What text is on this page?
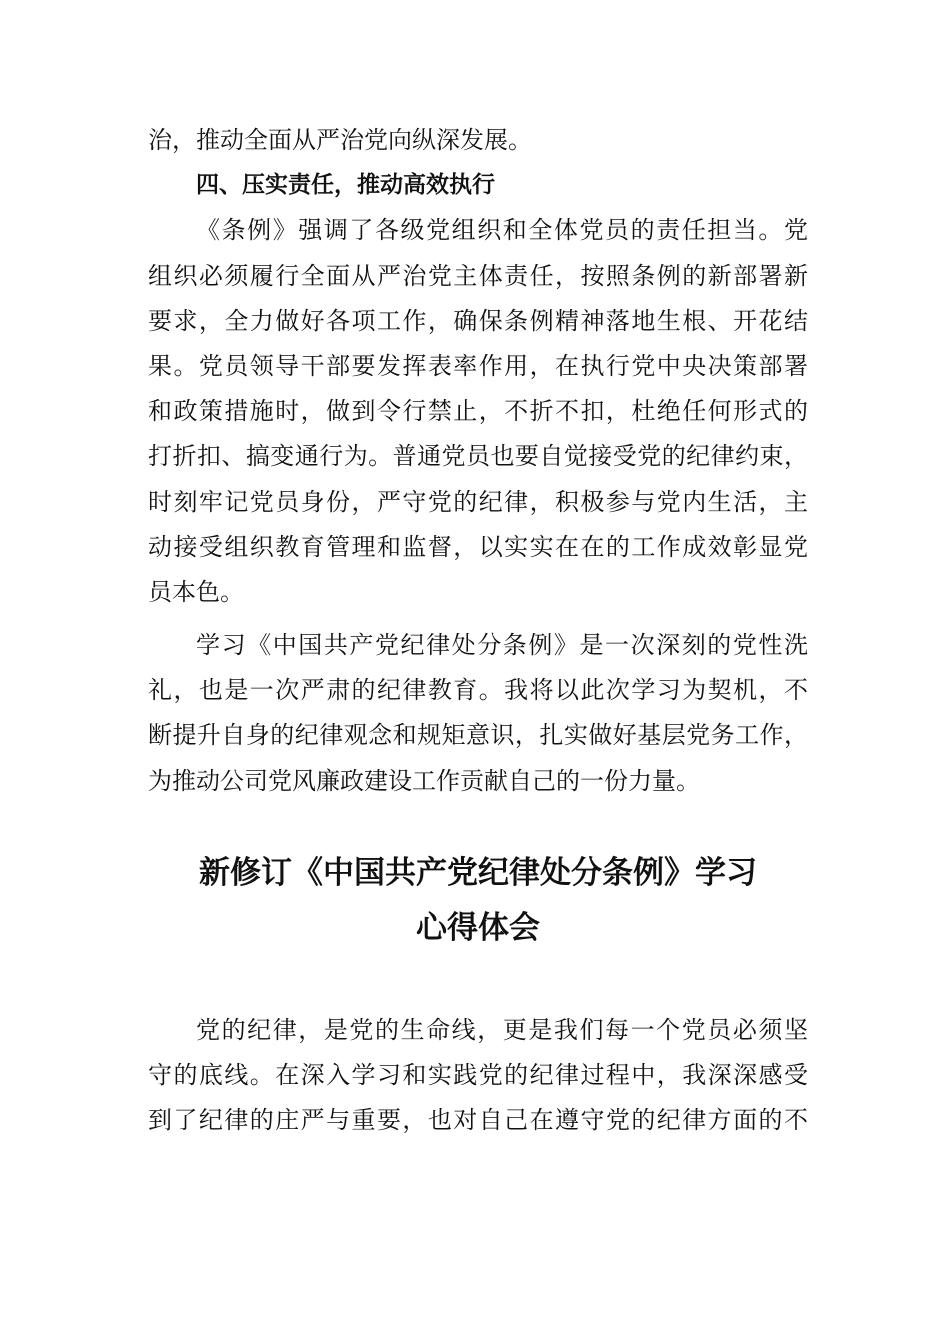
治，推动全面从严治党向纵深发展。
四、压实责任，推动高效执行
《条例》强调了各级党组织和全体党员的责任担当。党
组织必须履行全面从严治党主体责任，按照条例的新部署新
要求，全力做好各项工作，确保条例精神落地生根、开花结
果。党员领导干部要发挥表率作用，在执行党中央决策部署
和政策措施时，做到令行禁止，不折不扣，杜绝任何形式的
打折扣、搞变通行为。普通党员也要自觉接受党的纪律约束，
时刻牢记党员身份，严守党的纪律，积极参与党内生活，主
动接受组织教育管理和监督，以实实在在的工作成效彰显党
员本色。
学习《中国共产党纪律处分条例》是一次深刻的党性洗
礼，也是一次严肃的纪律教育。我将以此次学习为契机，不
断提升自身的纪律观念和规矩意识，扎实做好基层党务工作，
为推动公司党风廉政建设工作贡献自己的一份力量。
新修订《中国共产党纪律处分条例》学习
心得体会
党的纪律，是党的生命线，更是我们每一个党员必须坚
守的底线。在深入学习和实践党的纪律过程中，我深深感受
到了纪律的庄严与重要，也对自己在遵守党的纪律方面的不
